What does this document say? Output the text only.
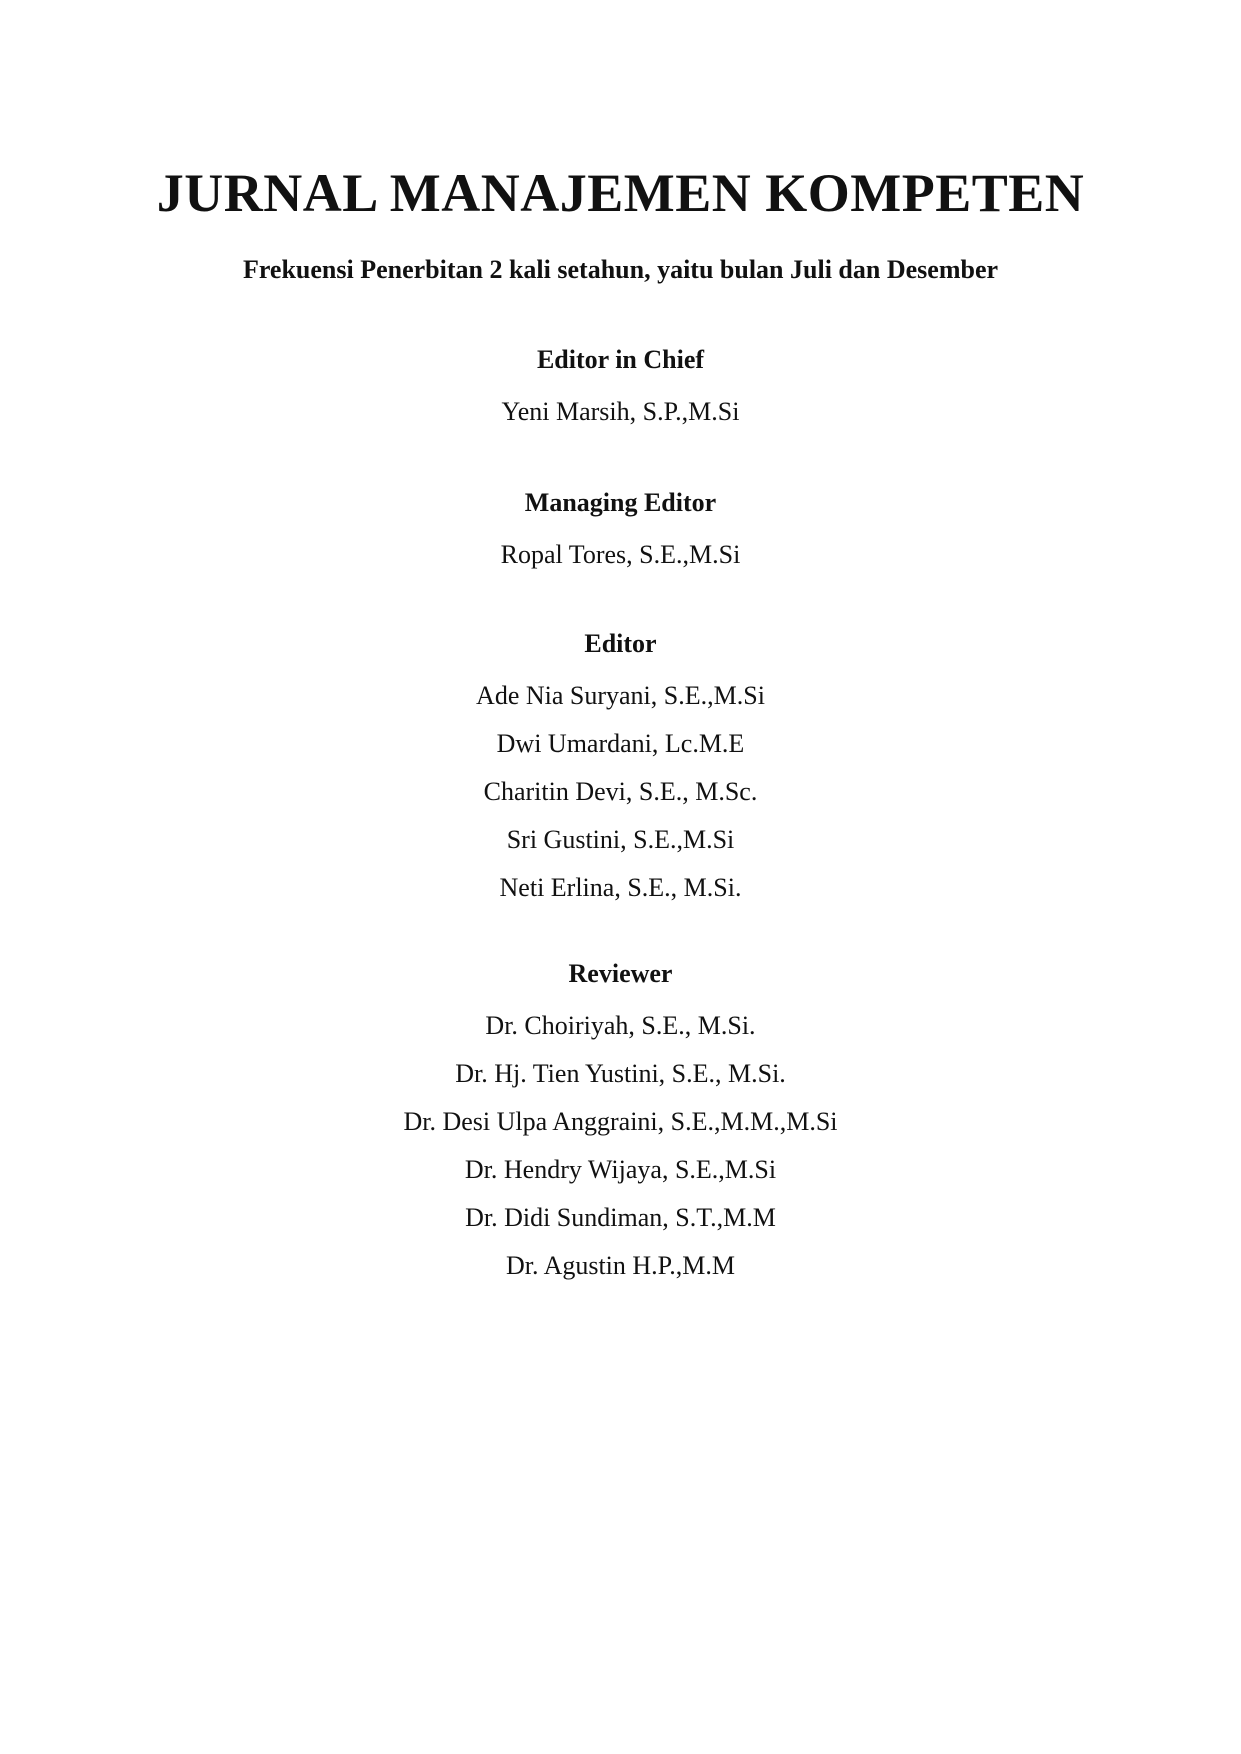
JURNAL MANAJEMEN KOMPETEN

Frekuensi Penerbitan 2 kali setahun, yaitu bulan Juli dan Desember

Editor in Chief
Yeni Marsih, S.P.,M.Si
Managing Editor
Ropal Tores, S.E.,M.Si
Editor
Ade Nia Suryani, S.E.,M.Si
Dwi Umardani, Lc.M.E
Charitin Devi, S.E., M.Sc.
Sri Gustini, S.E.,M.Si
Neti Erlina, S.E., M.Si.
Reviewer
Dr. Choiriyah, S.E., M.Si.
Dr. Hj. Tien Yustini, S.E., M.Si.
Dr. Desi Ulpa Anggraini, S.E.,M.M.,M.Si
Dr. Hendry Wijaya, S.E.,M.Si
Dr. Didi Sundiman, S.T.,M.M
Dr. Agustin H.P.,M.M
